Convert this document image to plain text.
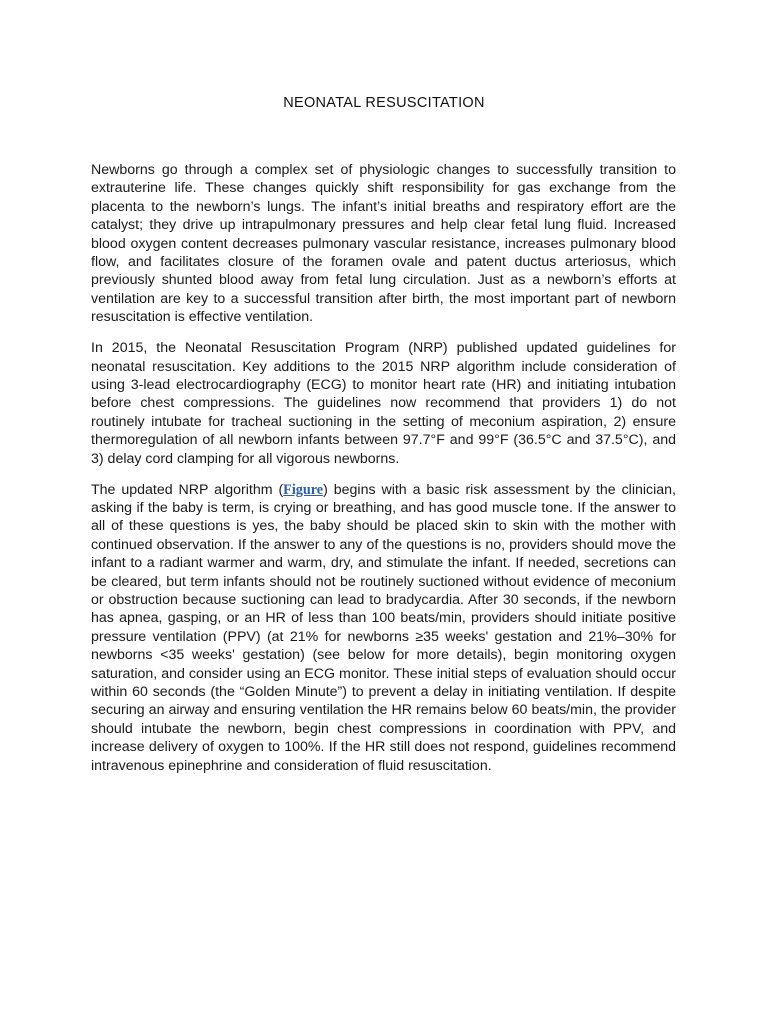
NEONATAL RESUSCITATION

Newborns go through a complex set of physiologic changes to successfully transition to extrauterine life. These changes quickly shift responsibility for gas exchange from the placenta to the newborn’s lungs. The infant’s initial breaths and respiratory effort are the catalyst; they drive up intrapulmonary pressures and help clear fetal lung fluid. Increased blood oxygen content decreases pulmonary vascular resistance, increases pulmonary blood flow, and facilitates closure of the foramen ovale and patent ductus arteriosus, which previously shunted blood away from fetal lung circulation. Just as a newborn’s efforts at ventilation are key to a successful transition after birth, the most important part of newborn resuscitation is effective ventilation.

In 2015, the Neonatal Resuscitation Program (NRP) published updated guidelines for neonatal resuscitation. Key additions to the 2015 NRP algorithm include consideration of using 3-lead electrocardiography (ECG) to monitor heart rate (HR) and initiating intubation before chest compressions. The guidelines now recommend that providers 1) do not routinely intubate for tracheal suctioning in the setting of meconium aspiration, 2) ensure thermoregulation of all newborn infants between 97.7°F and 99°F (36.5°C and 37.5°C), and 3) delay cord clamping for all vigorous newborns.

The updated NRP algorithm (Figure) begins with a basic risk assessment by the clinician, asking if the baby is term, is crying or breathing, and has good muscle tone. If the answer to all of these questions is yes, the baby should be placed skin to skin with the mother with continued observation. If the answer to any of the questions is no, providers should move the infant to a radiant warmer and warm, dry, and stimulate the infant. If needed, secretions can be cleared, but term infants should not be routinely suctioned without evidence of meconium or obstruction because suctioning can lead to bradycardia. After 30 seconds, if the newborn has apnea, gasping, or an HR of less than 100 beats/min, providers should initiate positive pressure ventilation (PPV) (at 21% for newborns ≥35 weeks' gestation and 21%–30% for newborns <35 weeks' gestation) (see below for more details), begin monitoring oxygen saturation, and consider using an ECG monitor. These initial steps of evaluation should occur within 60 seconds (the “Golden Minute”) to prevent a delay in initiating ventilation. If despite securing an airway and ensuring ventilation the HR remains below 60 beats/min, the provider should intubate the newborn, begin chest compressions in coordination with PPV, and increase delivery of oxygen to 100%. If the HR still does not respond, guidelines recommend intravenous epinephrine and consideration of fluid resuscitation.
